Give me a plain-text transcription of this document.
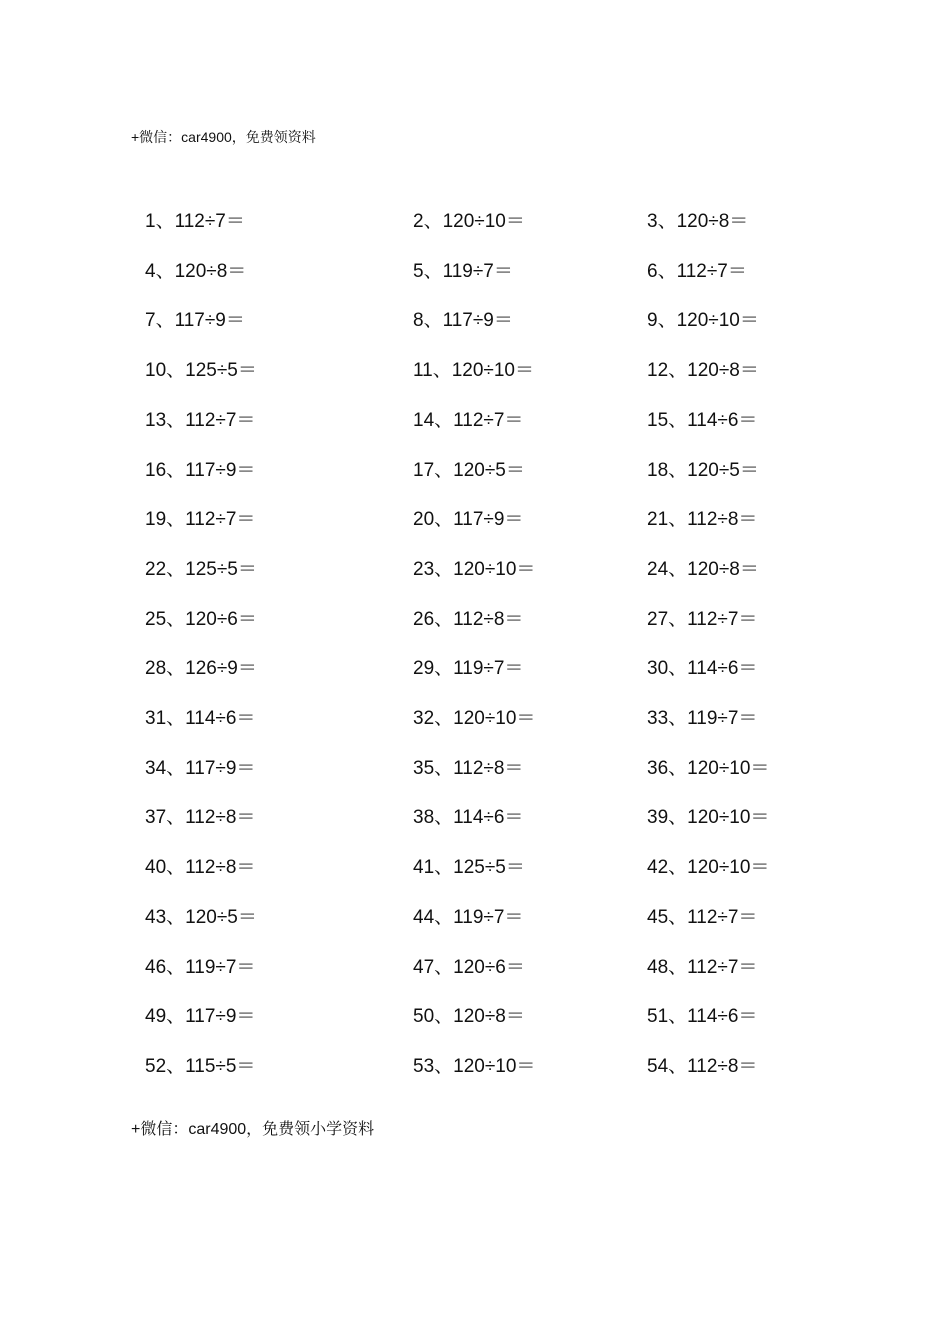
+微信：car4900，免费领资料
1、112÷7＝	2、120÷10＝	3、120÷8＝
4、120÷8＝	5、119÷7＝	6、112÷7＝
7、117÷9＝	8、117÷9＝	9、120÷10＝
10、125÷5＝	11、120÷10＝	12、120÷8＝
13、112÷7＝	14、112÷7＝	15、114÷6＝
16、117÷9＝	17、120÷5＝	18、120÷5＝
19、112÷7＝	20、117÷9＝	21、112÷8＝
22、125÷5＝	23、120÷10＝	24、120÷8＝
25、120÷6＝	26、112÷8＝	27、112÷7＝
28、126÷9＝	29、119÷7＝	30、114÷6＝
31、114÷6＝	32、120÷10＝	33、119÷7＝
34、117÷9＝	35、112÷8＝	36、120÷10＝
37、112÷8＝	38、114÷6＝	39、120÷10＝
40、112÷8＝	41、125÷5＝	42、120÷10＝
43、120÷5＝	44、119÷7＝	45、112÷7＝
46、119÷7＝	47、120÷6＝	48、112÷7＝
49、117÷9＝	50、120÷8＝	51、114÷6＝
52、115÷5＝	53、120÷10＝	54、112÷8＝
+微信：car4900，免费领小学资料
